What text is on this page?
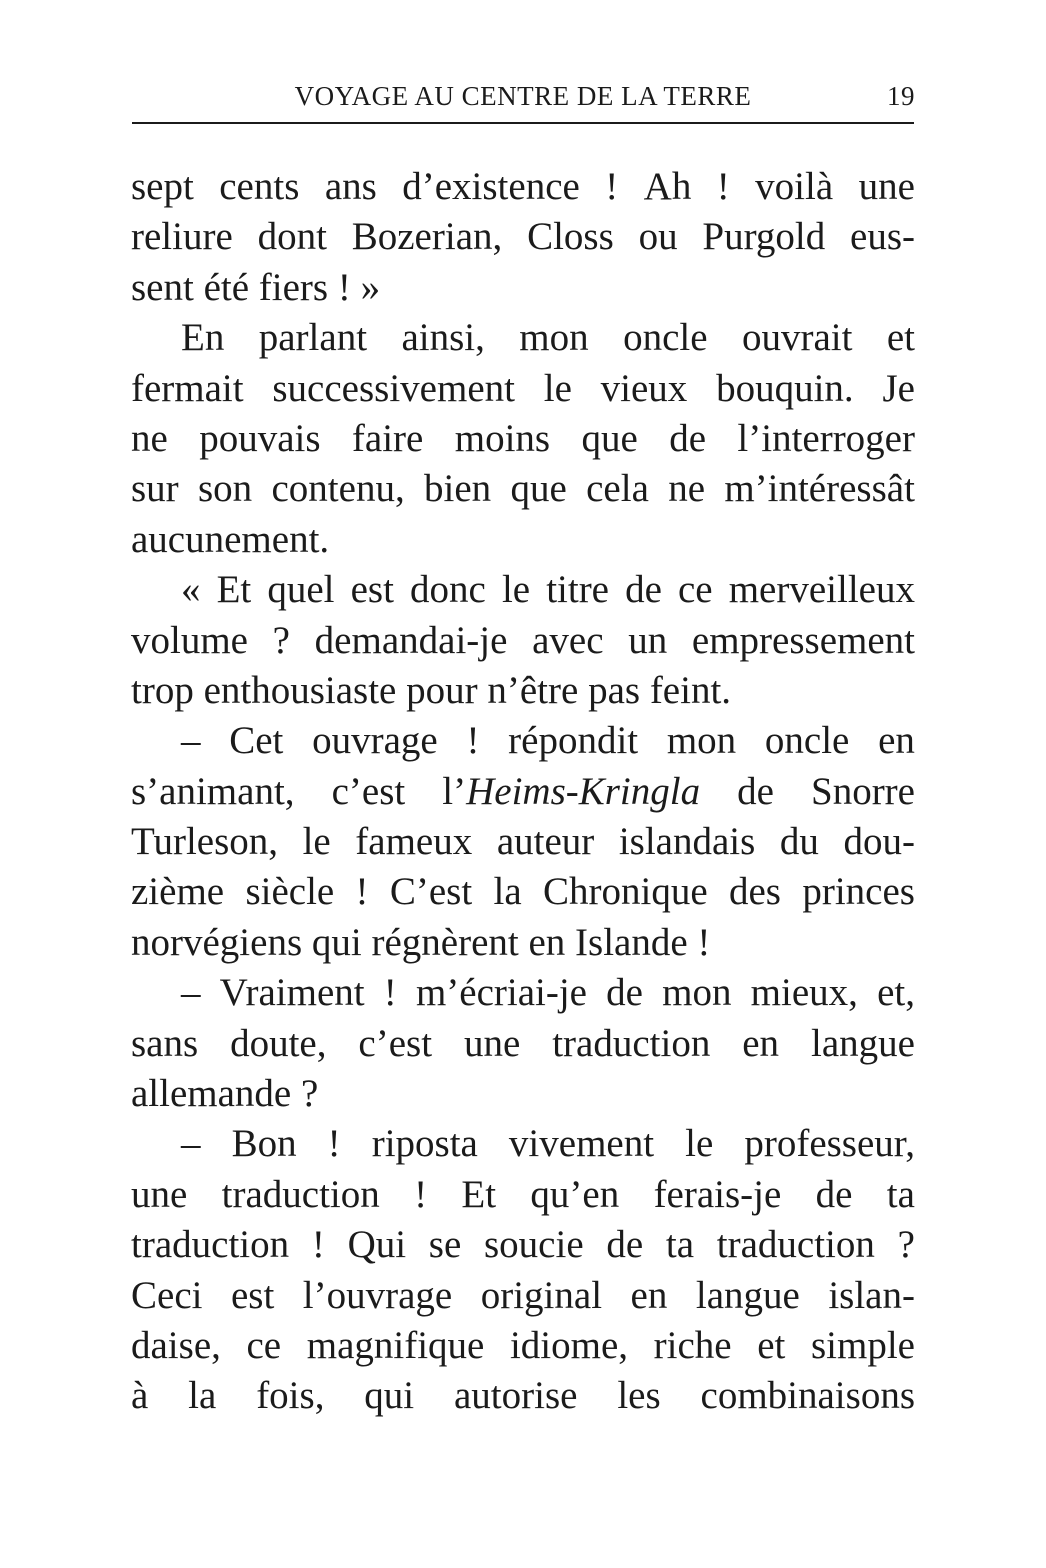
VOYAGE AU CENTRE DE LA TERRE	19
sept cents ans d’existence ! Ah ! voilà une
reliure dont Bozerian, Closs ou Purgold eus-
sent été fiers ! »
En parlant ainsi, mon oncle ouvrait et
fermait successivement le vieux bouquin. Je
ne pouvais faire moins que de l’interroger
sur son contenu, bien que cela ne m’intéressât
aucunement.
« Et quel est donc le titre de ce merveilleux
volume ? demandai-je avec un empressement
trop enthousiaste pour n’être pas feint.
– Cet ouvrage ! répondit mon oncle en
s’animant, c’est l’Heims-Kringla de Snorre
Turleson, le fameux auteur islandais du dou-
zième siècle ! C’est la Chronique des princes
norvégiens qui régnèrent en Islande !
– Vraiment ! m’écriai-je de mon mieux, et,
sans doute, c’est une traduction en langue
allemande ?
– Bon ! riposta vivement le professeur,
une traduction ! Et qu’en ferais-je de ta
traduction ! Qui se soucie de ta traduction ?
Ceci est l’ouvrage original en langue islan-
daise, ce magnifique idiome, riche et simple
à la fois, qui autorise les combinaisons
